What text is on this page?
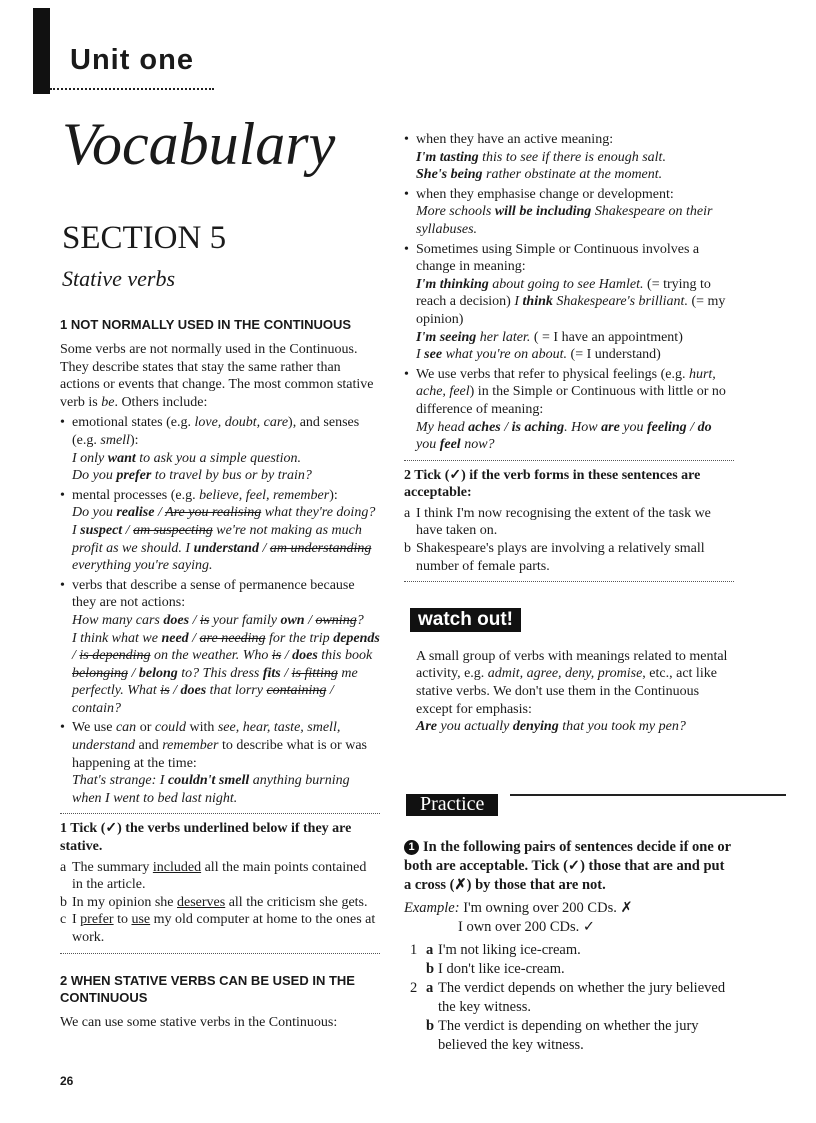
Unit one
Vocabulary
SECTION 5
Stative verbs
1 NOT NORMALLY USED IN THE CONTINUOUS

Some verbs are not normally used in the Continuous. They describe states that stay the same rather than actions or events that change. The most common stative verb is be. Others include:

• emotional states (e.g. love, doubt, care), and senses (e.g. smell):
I only want to ask you a simple question.
Do you prefer to travel by bus or by train?
• mental processes (e.g. believe, feel, remember):
Do you realise / Are you realising what they're doing?
I suspect / am suspecting we're not making as much profit as we should. I understand / am understanding everything you're saying.
• verbs that describe a sense of permanence because they are not actions:
How many cars does / is your family own / owning?
I think what we need / are needing for the trip depends / is depending on the weather. Who is / does this book belonging / belong to? This dress fits / is fitting me perfectly. What is / does that lorry containing / contain?
• We use can or could with see, hear, taste, smell, understand and remember to describe what is or was happening at the time:
That's strange: I couldn't smell anything burning when I went to bed last night.

1 Tick (✓) the verbs underlined below if they are stative.

a The summary included all the main points contained in the article.
b In my opinion she deserves all the criticism she gets.
c I prefer to use my old computer at home to the ones at work.
2 WHEN STATIVE VERBS CAN BE USED IN THE CONTINUOUS

We can use some stative verbs in the Continuous:

• when they have an active meaning:
I'm tasting this to see if there is enough salt.
She's being rather obstinate at the moment.
• when they emphasise change or development:
More schools will be including Shakespeare on their syllabuses.
• Sometimes using Simple or Continuous involves a change in meaning:
I'm thinking about going to see Hamlet. (= trying to reach a decision) I think Shakespeare's brilliant. (= my opinion)
I'm seeing her later. ( = I have an appointment)
I see what you're on about. (= I understand)
• We use verbs that refer to physical feelings (e.g. hurt, ache, feel) in the Simple or Continuous with little or no difference of meaning:
My head aches / is aching. How are you feeling / do you feel now?

2 Tick (✓) if the verb forms in these sentences are acceptable:

a I think I'm now recognising the extent of the task we have taken on.
b Shakespeare's plays are involving a relatively small number of female parts.
watch out!
A small group of verbs with meanings related to mental activity, e.g. admit, agree, deny, promise, etc., act like stative verbs. We don't use them in the Continuous except for emphasis:
Are you actually denying that you took my pen?
Practice

1 In the following pairs of sentences decide if one or both are acceptable. Tick (✓) those that are and put a cross (✗) by those that are not.

Example: I'm owning over 200 CDs. ✗
I own over 200 CDs. ✓
1 a I'm not liking ice-cream.
b I don't like ice-cream.
2 a The verdict depends on whether the jury believed the key witness.
b The verdict is depending on whether the jury believed the key witness.
26
